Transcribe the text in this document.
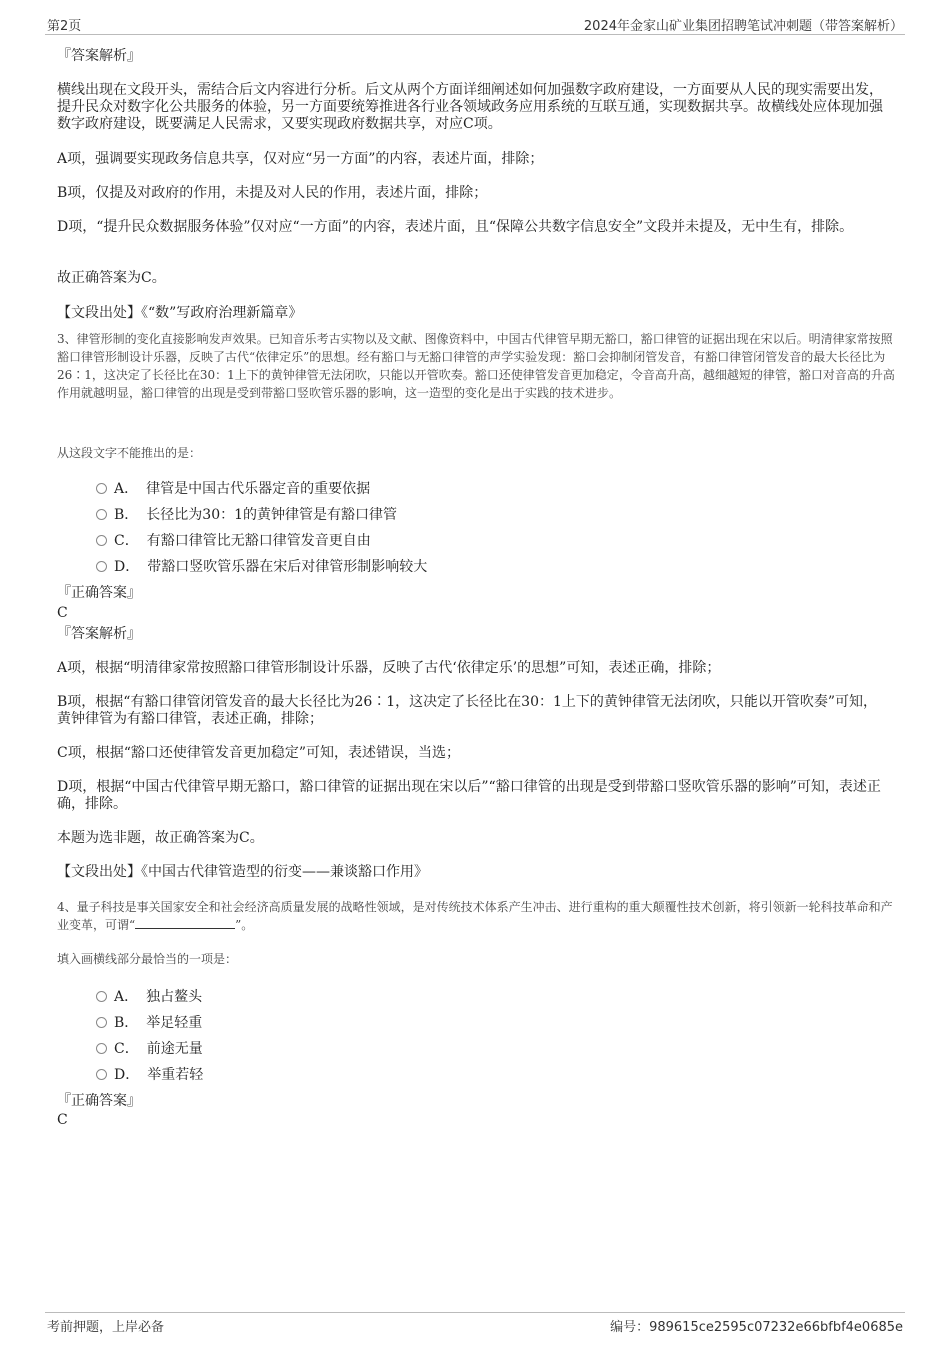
第2页	2024年金家山矿业集团招聘笔试冲刺题（带答案解析）

『答案解析』

横线出现在文段开头，需结合后文内容进行分析。后文从两个方面详细阐述如何加强数字政府建设，一方面要从人民的现实需要出发，提升民众对数字化公共服务的体验，另一方面要统筹推进各行业各领域政务应用系统的互联互通，实现数据共享。故横线处应体现加强数字政府建设，既要满足人民需求，又要实现政府数据共享，对应C项。

A项，强调要实现政务信息共享，仅对应“另一方面”的内容，表述片面，排除；

B项，仅提及对政府的作用，未提及对人民的作用，表述片面，排除；

D项，“提升民众数据服务体验”仅对应“一方面”的内容，表述片面，且“保障公共数字信息安全”文段并未提及，无中生有，排除。

故正确答案为C。

【文段出处】《“数”写政府治理新篇章》

3、律管形制的变化直接影响发声效果。已知音乐考古实物以及文献、图像资料中，中国古代律管早期无豁口，豁口律管的证据出现在宋以后。明清律家常按照豁口律管形制设计乐器，反映了古代“依律定乐”的思想。经有豁口与无豁口律管的声学实验发现：豁口会抑制闭管发音，有豁口律管闭管发音的最大长径比为26∶1，这决定了长径比在30：1上下的黄钟律管无法闭吹，只能以开管吹奏。豁口还使律管发音更加稳定，令音高升高，越细越短的律管，豁口对音高的升高作用就越明显，豁口律管的出现是受到带豁口竖吹管乐器的影响，这一造型的变化是出于实践的技术进步。

从这段文字不能推出的是：

A． 律管是中国古代乐器定音的重要依据
B． 长径比为30：1的黄钟律管是有豁口律管
C． 有豁口律管比无豁口律管发音更自由
D． 带豁口竖吹管乐器在宋后对律管形制影响较大
『正确答案』
C
『答案解析』

A项，根据“明清律家常按照豁口律管形制设计乐器，反映了古代‘依律定乐’的思想”可知，表述正确，排除；

B项，根据“有豁口律管闭管发音的最大长径比为26∶1，这决定了长径比在30：1上下的黄钟律管无法闭吹，只能以开管吹奏”可知，黄钟律管为有豁口律管，表述正确，排除；

C项，根据“豁口还使律管发音更加稳定”可知，表述错误，当选；

D项，根据“中国古代律管早期无豁口，豁口律管的证据出现在宋以后”“豁口律管的出现是受到带豁口竖吹管乐器的影响”可知，表述正确，排除。

本题为选非题，故正确答案为C。

【文段出处】《中国古代律管造型的衍变——兼谈豁口作用》

4、量子科技是事关国家安全和社会经济高质量发展的战略性领域，是对传统技术体系产生冲击、进行重构的重大颠覆性技术创新，将引领新一轮科技革命和产业变革，可谓“	”。

填入画横线部分最恰当的一项是：

A． 独占鳌头
B． 举足轻重
C． 前途无量
D． 举重若轻
『正确答案』
C
考前押题，上岸必备	编号：989615ce2595c07232e66bfbf4e0685e
